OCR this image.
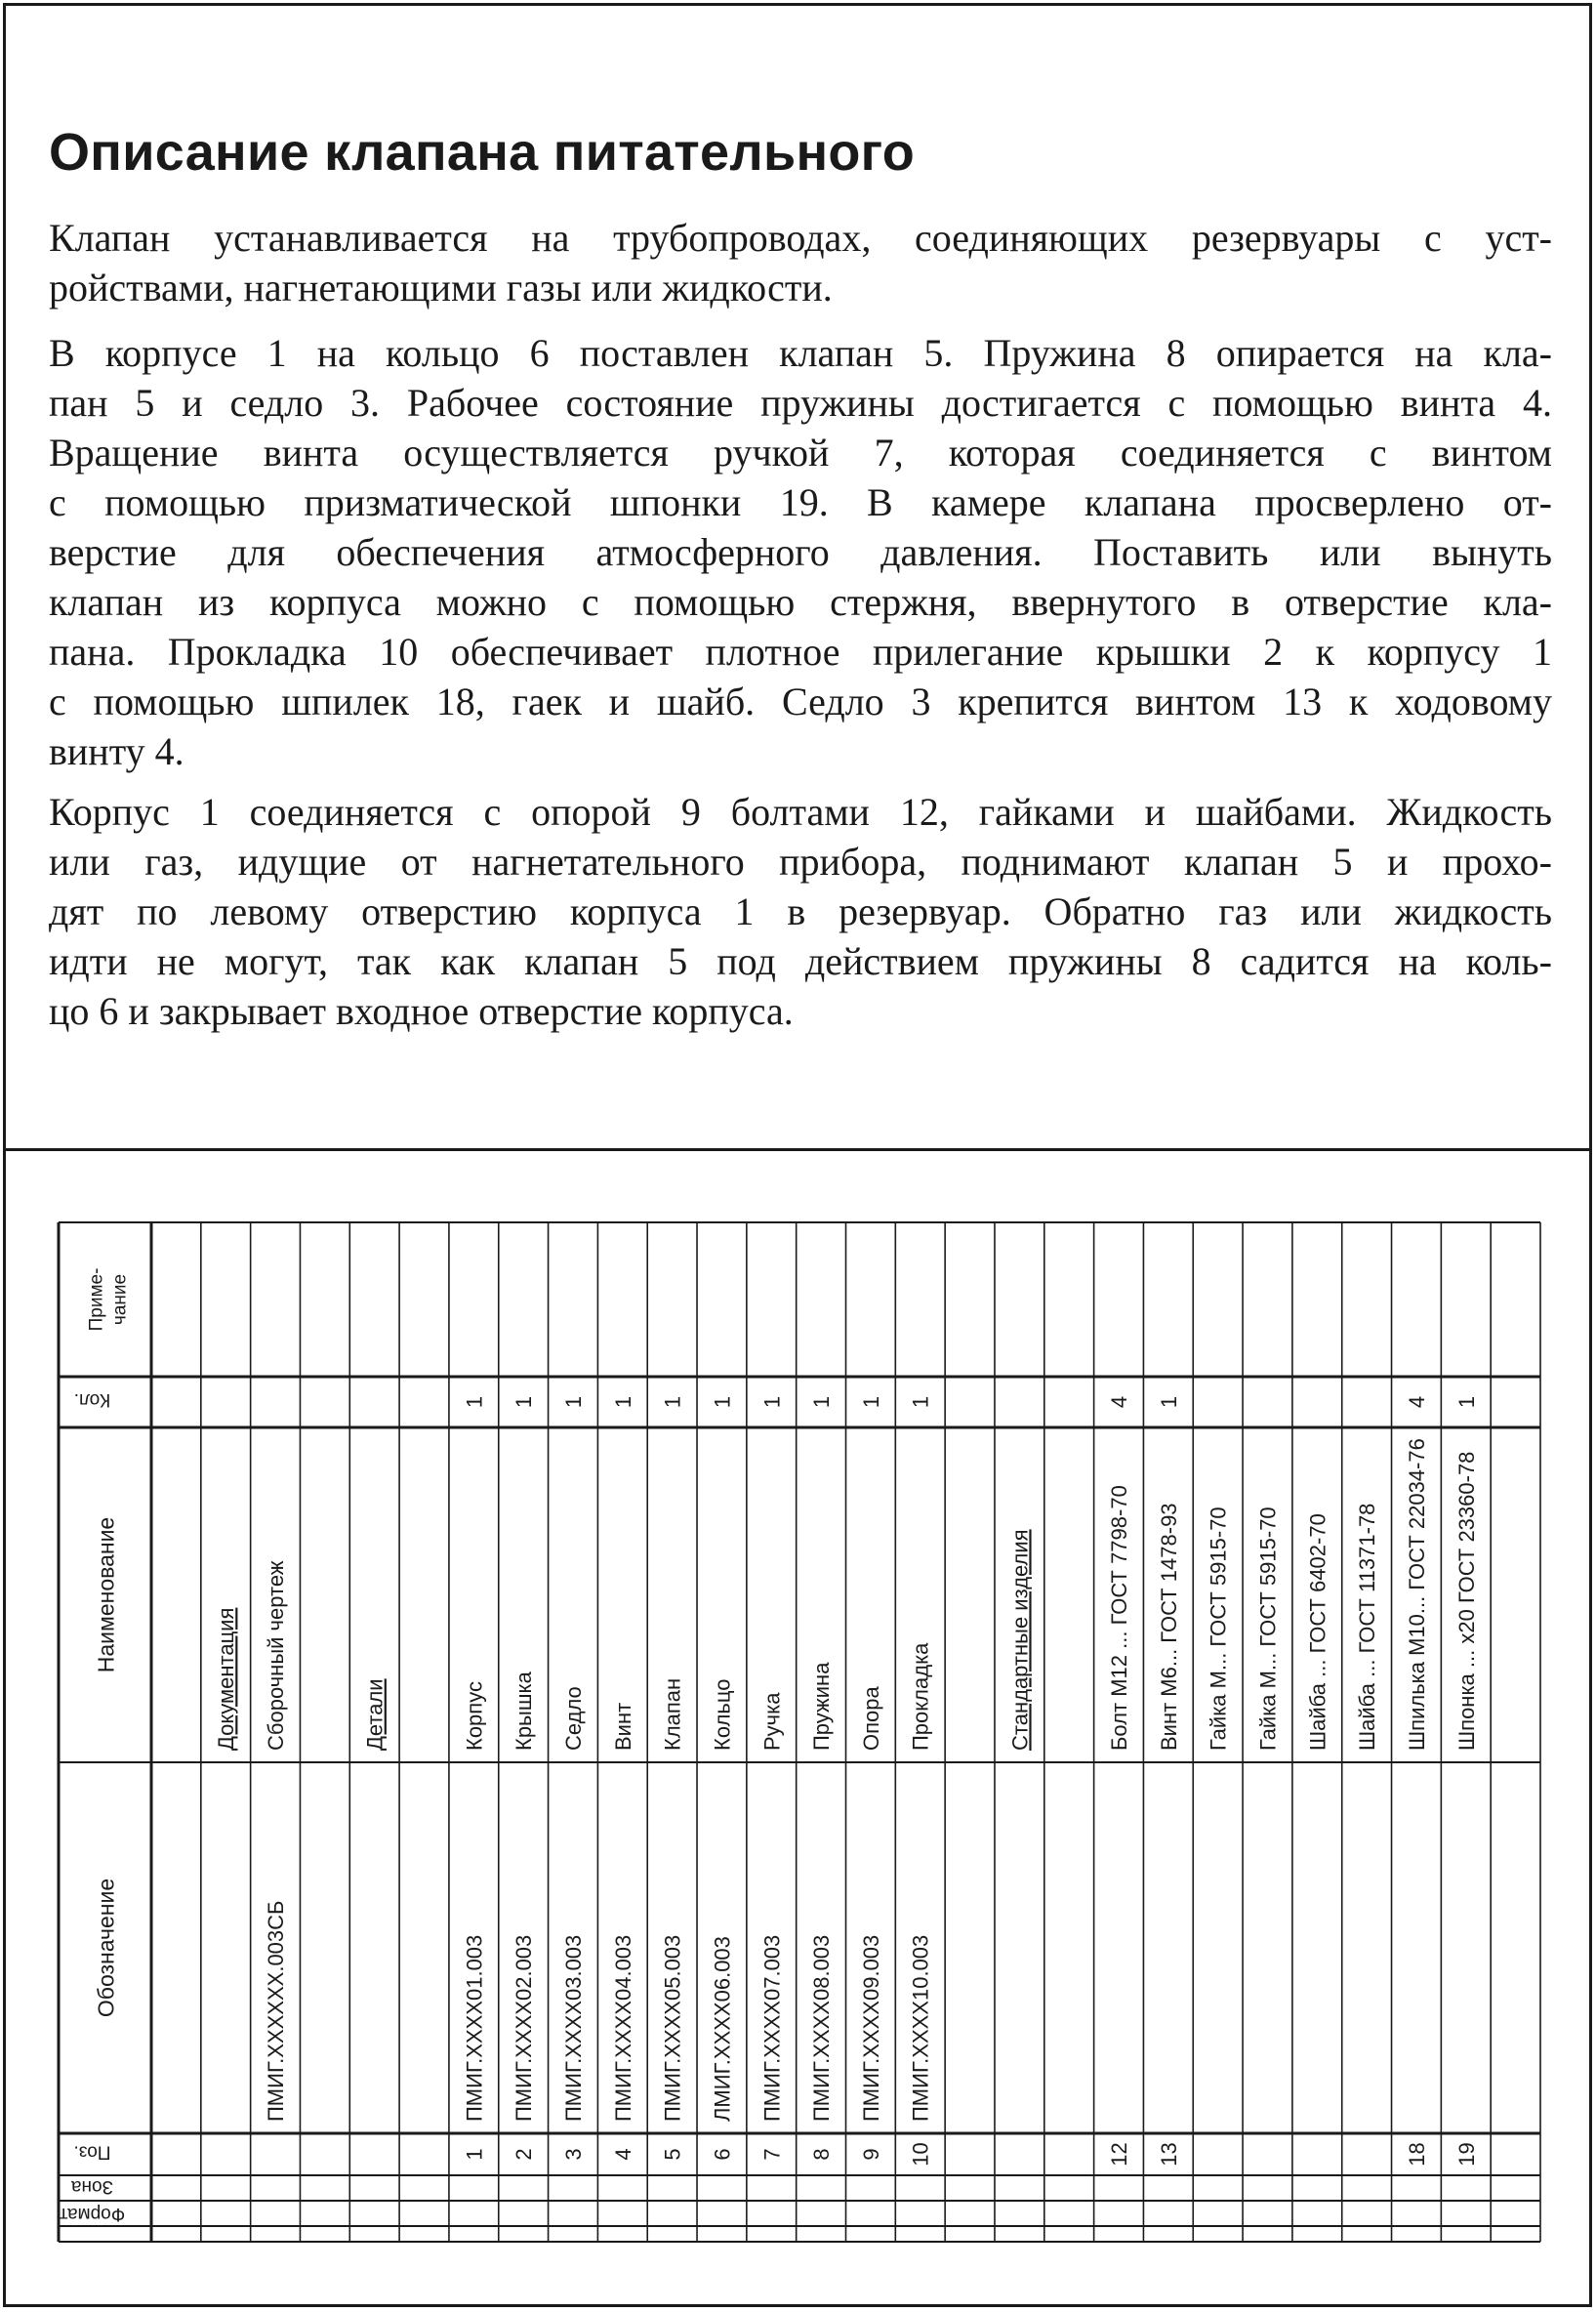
Описание клапана питательного
Клапан устанавливается на трубопроводах, соединяющих резервуары с уст-
ройствами, нагнетающими газы или жидкости.
В корпусе 1 на кольцо 6 поставлен клапан 5. Пружина 8 опирается на кла-
пан 5 и седло 3. Рабочее состояние пружины достигается с помощью винта 4.
Вращение винта осуществляется ручкой 7, которая соединяется с винтом
с помощью призматической шпонки 19. В камере клапана просверлено от-
верстие для обеспечения атмосферного давления. Поставить или вынуть
клапан из корпуса можно с помощью стержня, ввернутого в отверстие кла-
пана. Прокладка 10 обеспечивает плотное прилегание крышки 2 к корпусу 1
с помощью шпилек 18, гаек и шайб. Седло 3 крепится винтом 13 к ходовому
винту 4.
Корпус 1 соединяется с опорой 9 болтами 12, гайками и шайбами. Жидкость
или газ, идущие от нагнетательного прибора, поднимают клапан 5 и прохо-
дят по левому отверстию корпуса 1 в резервуар. Обратно газ или жидкость
идти не могут, так как клапан 5 под действием пружины 8 садится на коль-
цо 6 и закрывает входное отверстие корпуса.
Приме- чание
Кол.
Наименование
Обозначение
Поз.
Зона
Формат
Документация Сборочный чертеж
ПМИГ.XXXXXX.003СБ
Детали
1
Корпус
ПМИГ.XXXX01.003
1
1
Крышка
ПМИГ.XXXX02.003
2
1
Седло
ПМИГ.XXXX03.003
3
1
Винт
ПМИГ.XXXX04.003
4
1
Клапан
ПМИГ.XXXX05.003
5
1
Кольцо
ЛМИГ.XXXX06.003
6
1
Ручка
ПМИГ.XXXX07.003
7
1
Пружина
ПМИГ.XXXX08.003
8
1
Опора
ПМИГ.XXXX09.003
9
1
Прокладка
ПМИГ.XXXX10.003
10
Стандартные изделия
4
Болт М12 ... ГОСТ 7798-70
12
1
Винт М6... ГОСТ 1478-93
13
Гайка М... ГОСТ 5915-70 Гайка М... ГОСТ 5915-70 Шайба ... ГОСТ 6402-70 Шайба ... ГОСТ 11371-78
4
Шпилька М10... ГОСТ 22034-76
18
1
Шпонка ... х20 ГОСТ 23360-78
19
